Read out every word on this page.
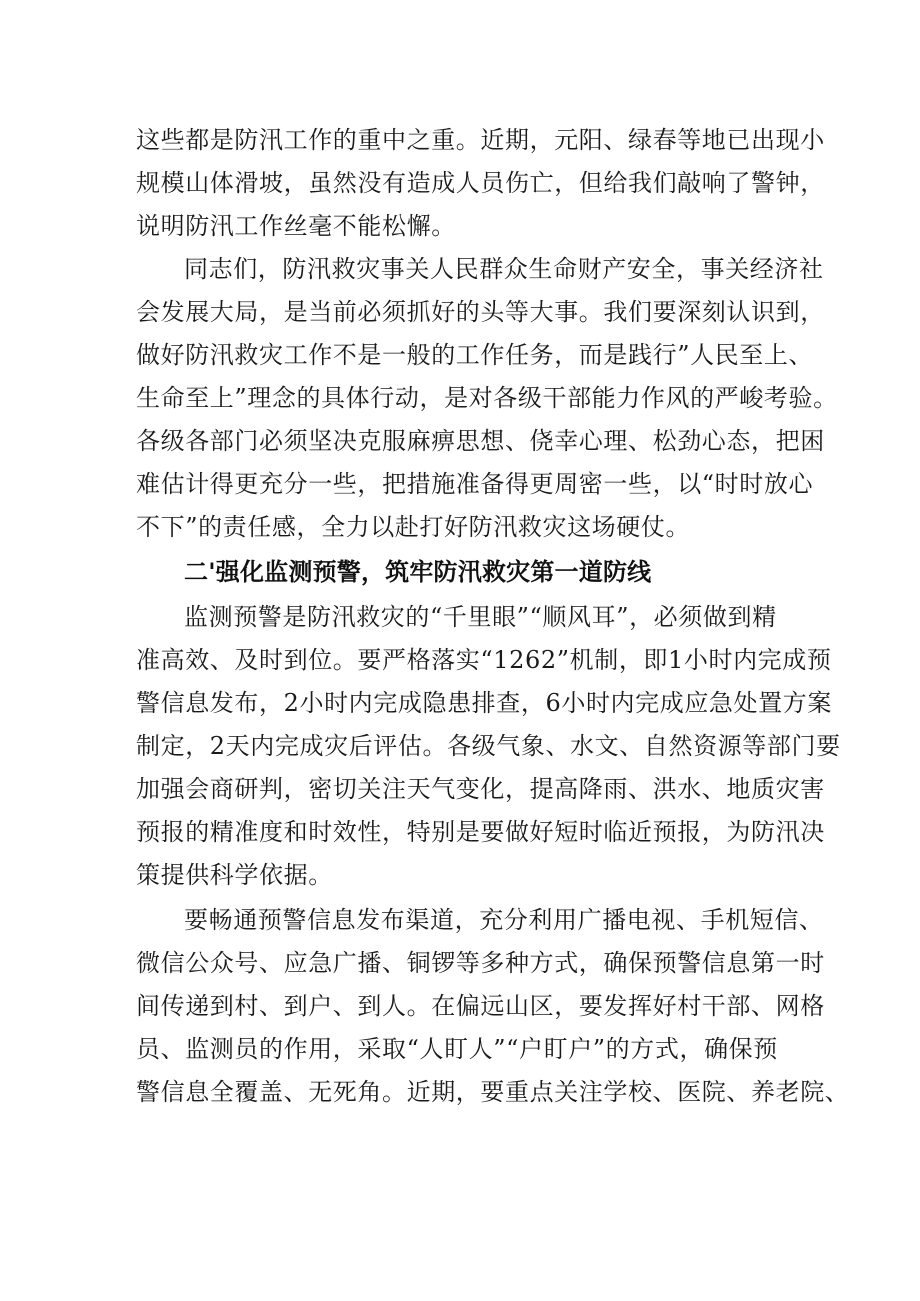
这些都是防汛工作的重中之重。近期，元阳、绿春等地已出现小
规模山体滑坡，虽然没有造成人员伤亡，但给我们敲响了警钟，
说明防汛工作丝毫不能松懈。
同志们，防汛救灾事关人民群众生命财产安全，事关经济社
会发展大局，是当前必须抓好的头等大事。我们要深刻认识到，
做好防汛救灾工作不是一般的工作任务，而是践行”人民至上、
生命至上”理念的具体行动，是对各级干部能力作风的严峻考验。
各级各部门必须坚决克服麻痹思想、侥幸心理、松劲心态，把困
难估计得更充分一些，把措施准备得更周密一些，以“时时放心
不下”的责任感，全力以赴打好防汛救灾这场硬仗。
二'强化监测预警，筑牢防汛救灾第一道防线
监测预警是防汛救灾的“千里眼”“顺风耳”，必须做到精
准高效、及时到位。要严格落实“1262”机制，即1小时内完成预
警信息发布，2小时内完成隐患排查，6小时内完成应急处置方案
制定，2天内完成灾后评估。各级气象、水文、自然资源等部门要
加强会商研判，密切关注天气变化，提高降雨、洪水、地质灾害
预报的精准度和时效性，特别是要做好短时临近预报，为防汛决
策提供科学依据。
要畅通预警信息发布渠道，充分利用广播电视、手机短信、
微信公众号、应急广播、铜锣等多种方式，确保预警信息第一时
间传递到村、到户、到人。在偏远山区，要发挥好村干部、网格
员、监测员的作用，采取“人盯人”“户盯户”的方式，确保预
警信息全覆盖、无死角。近期，要重点关注学校、医院、养老院、
